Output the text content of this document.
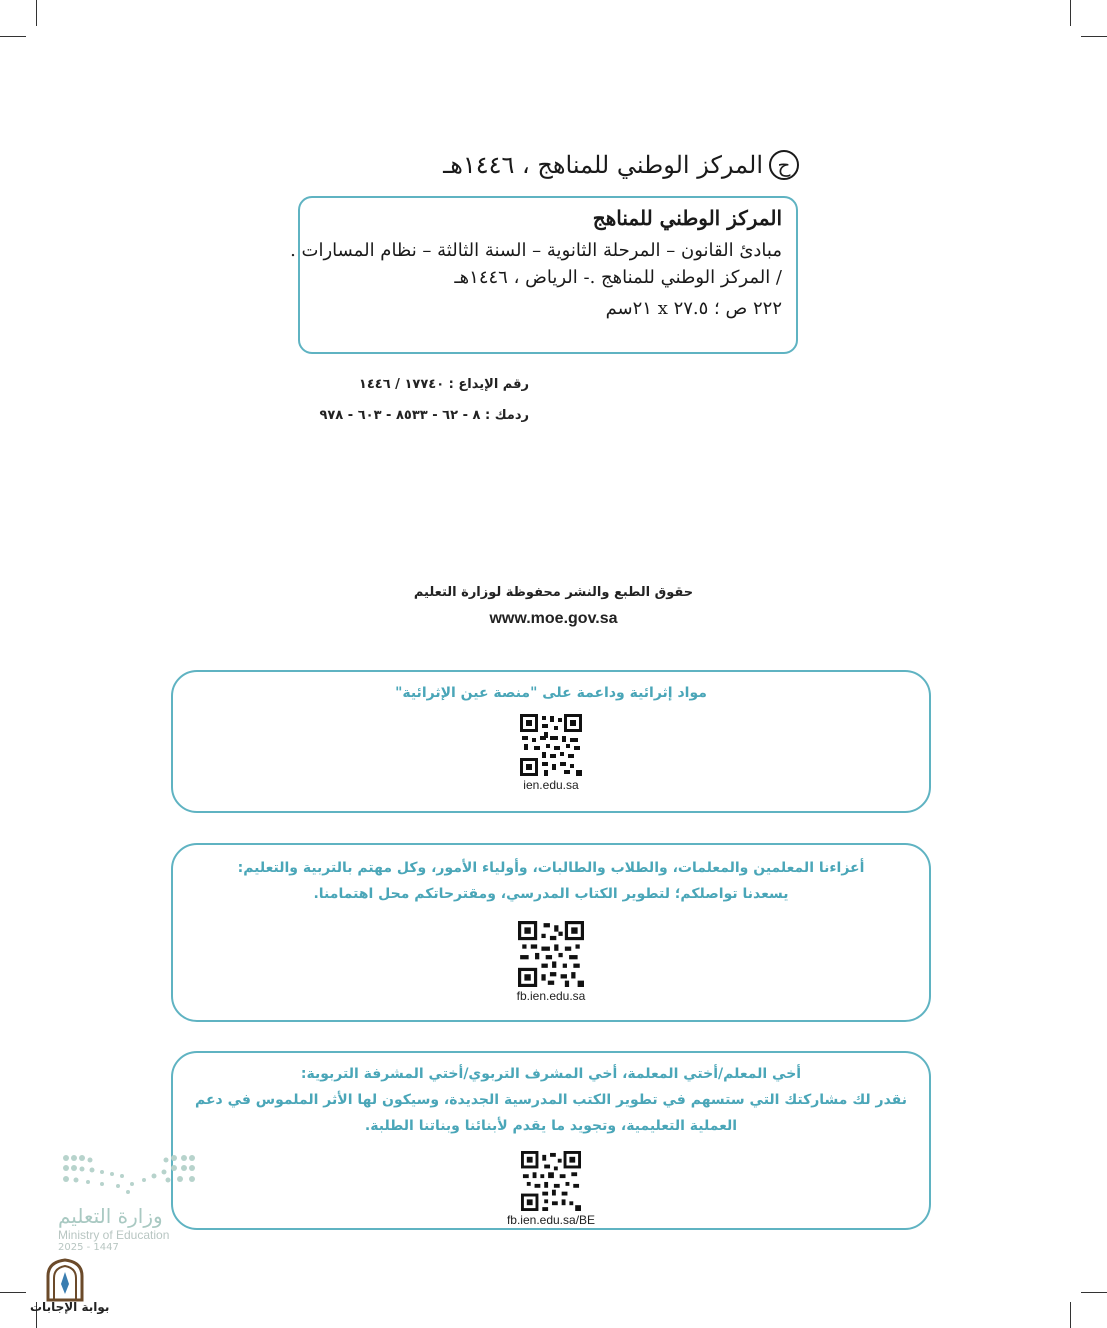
ح
المركز الوطني للمناهج ، ١٤٤٦هـ
المركز الوطني للمناهج
مبادئ القانون – المرحلة الثانوية – السنة الثالثة – نظام المسارات .
/ المركز الوطني للمناهج .- الرياض ، ١٤٤٦هـ
٢٢٢ ص ؛ ٢٧.٥ x ٢١سم
رقم الإيداع : ١٧٧٤٠ / ١٤٤٦
ردمك : ٨ - ٦٢ - ٨٥٣٣ - ٦٠٣ - ٩٧٨
حقوق الطبع والنشر محفوظة لوزارة التعليم
www.moe.gov.sa
مواد إثرائية وداعمة على "منصة عين الإثرائية"
ien.edu.sa
أعزاءنا المعلمين والمعلمات، والطلاب والطالبات، وأولياء الأمور، وكل مهتم بالتربية والتعليم:
يسعدنا تواصلكم؛ لتطوير الكتاب المدرسي، ومقترحاتكم محل اهتمامنا.
fb.ien.edu.sa
أخي المعلم/أختي المعلمة، أخي المشرف التربوي/أختي المشرفة التربوية:
نقدر لك مشاركتك التي ستسهم في تطوير الكتب المدرسية الجديدة، وسيكون لها الأثر الملموس في دعم
العملية التعليمية، وتجويد ما يقدم لأبنائنا وبناتنا الطلبة.
fb.ien.edu.sa/BE
وزارة التعليم
Ministry of Education
2025 - 1447
بوابة الإجابات
